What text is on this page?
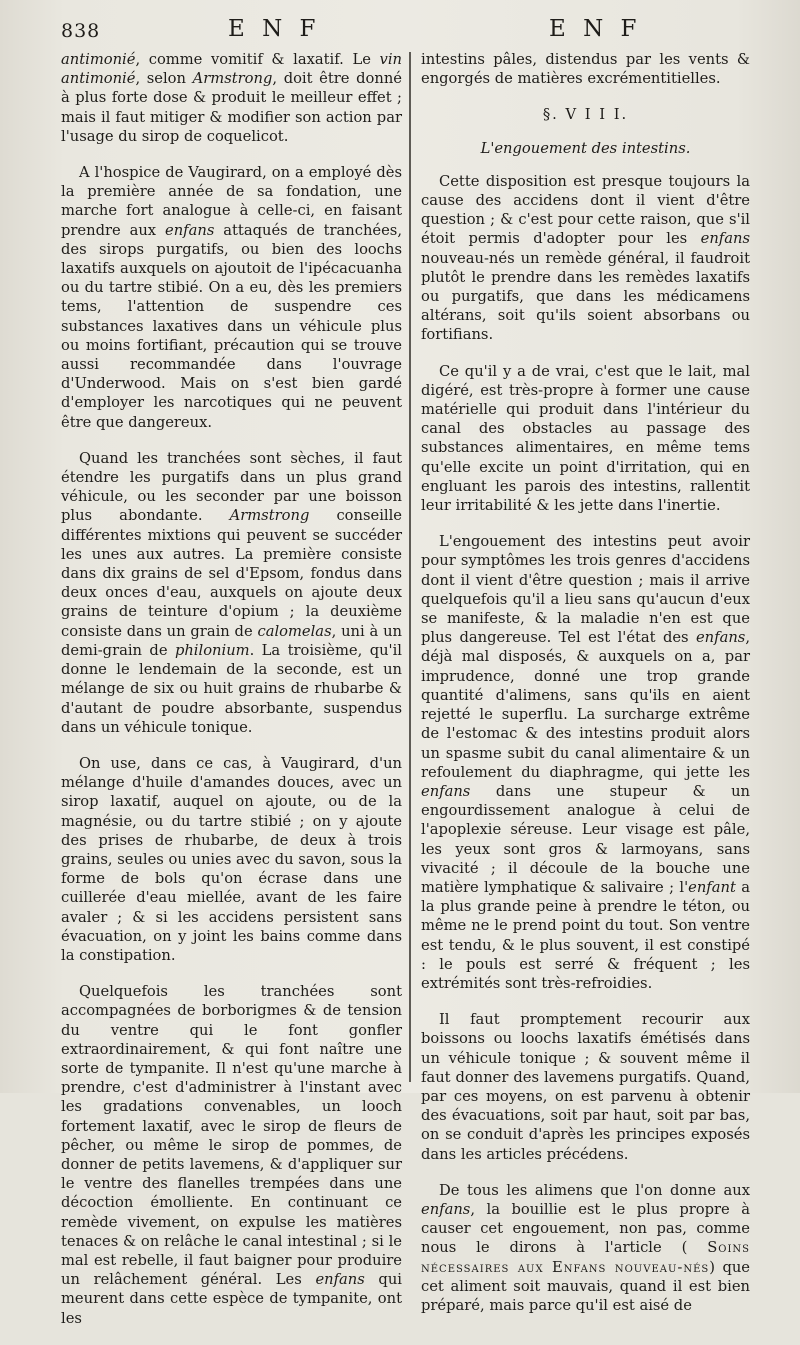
838	E N F	E N F

antimonié, comme vomitif & laxatif. Le vin antimonié, selon Armstrong, doit être donné à plus forte dose & produit le meilleur effet ; mais il faut mitiger & modifier son action par l'usage du sirop de coquelicot.

A l'hospice de Vaugirard, on a employé dès la première année de sa fondation, une marche fort analogue à celle-ci, en faisant prendre aux enfans attaqués de tranchées, des sirops purgatifs, ou bien des loochs laxatifs auxquels on ajoutoit de l'ipécacuanha ou du tartre stibié. On a eu, dès les premiers tems, l'attention de suspendre ces substances laxatives dans un véhicule plus ou moins fortifiant, précaution qui se trouve aussi recommandée dans l'ouvrage d'Underwood. Mais on s'est bien gardé d'employer les narcotiques qui ne peuvent être que dangereux.

Quand les tranchées sont sèches, il faut étendre les purgatifs dans un plus grand véhicule, ou les seconder par une boisson plus abondante. Armstrong conseille différentes mixtions qui peuvent se succéder les unes aux autres. La première consiste dans dix grains de sel d'Epsom, fondus dans deux onces d'eau, auxquels on ajoute deux grains de teinture d'opium ; la deuxième consiste dans un grain de calomelas, uni à un demi-grain de philonium. La troisième, qu'il donne le lendemain de la seconde, est un mélange de six ou huit grains de rhubarbe & d'autant de poudre absorbante, suspendus dans un véhicule tonique.

On use, dans ce cas, à Vaugirard, d'un mélange d'huile d'amandes douces, avec un sirop laxatif, auquel on ajoute, ou de la magnésie, ou du tartre stibié ; on y ajoute des prises de rhubarbe, de deux à trois grains, seules ou unies avec du savon, sous la forme de bols qu'on écrase dans une cuillerée d'eau miellée, avant de les faire avaler ; & si les accidens persistent sans évacuation, on y joint les bains comme dans la constipation.

Quelquefois les tranchées sont accompagnées de borborigmes & de tension du ventre qui le font gonfler extraordinairement, & qui font naître une sorte de tympanite. Il n'est qu'une marche à prendre, c'est d'administrer à l'instant avec les gradations convenables, un looch fortement laxatif, avec le sirop de fleurs de pêcher, ou même le sirop de pommes, de donner de petits lavemens, & d'appliquer sur le ventre des flanelles trempées dans une décoction émolliente. En continuant ce remède vivement, on expulse les matières tenaces & on relâche le canal intestinal ; si le mal est rebelle, il faut baigner pour produire un relâchement général. Les enfans qui meurent dans cette espèce de tympanite, ont les

intestins pâles, distendus par les vents & engorgés de matières excrémentitielles.

§. V I I I.

L'engouement des intestins.

Cette disposition est presque toujours la cause des accidens dont il vient d'être question ; & c'est pour cette raison, que s'il étoit permis d'adopter pour les enfans nouveau-nés un remède général, il faudroit plutôt le prendre dans les remèdes laxatifs ou purgatifs, que dans les médicamens altérans, soit qu'ils soient absorbans ou fortifians.

Ce qu'il y a de vrai, c'est que le lait, mal digéré, est très-propre à former une cause matérielle qui produit dans l'intérieur du canal des obstacles au passage des substances alimentaires, en même tems qu'elle excite un point d'irritation, qui en engluant les parois des intestins, rallentit leur irritabilité & les jette dans l'inertie.

L'engouement des intestins peut avoir pour symptômes les trois genres d'accidens dont il vient d'être question ; mais il arrive quelquefois qu'il a lieu sans qu'aucun d'eux se manifeste, & la maladie n'en est que plus dangereuse. Tel est l'état des enfans, déjà mal disposés, & auxquels on a, par imprudence, donné une trop grande quantité d'alimens, sans qu'ils en aient rejetté le superflu. La surcharge extrême de l'estomac & des intestins produit alors un spasme subit du canal alimentaire & un refoulement du diaphragme, qui jette les enfans dans une stupeur & un engourdissement analogue à celui de l'apoplexie séreuse. Leur visage est pâle, les yeux sont gros & larmoyans, sans vivacité ; il découle de la bouche une matière lymphatique & salivaire ; l'enfant a la plus grande peine à prendre le téton, ou même ne le prend point du tout. Son ventre est tendu, & le plus souvent, il est constipé : le pouls est serré & fréquent ; les extrémités sont très-refroidies.

Il faut promptement recourir aux boissons ou loochs laxatifs émétisés dans un véhicule tonique ; & souvent même il faut donner des lavemens purgatifs. Quand, par ces moyens, on est parvenu à obtenir des évacuations, soit par haut, soit par bas, on se conduit d'après les principes exposés dans les articles précédens.

De tous les alimens que l'on donne aux enfans, la bouillie est le plus propre à causer cet engouement, non pas, comme nous le dirons à l'article ( Soins nécessaires aux Enfans nouveau-nés) que cet aliment soit mauvais, quand il est bien préparé, mais parce qu'il est aisé de
